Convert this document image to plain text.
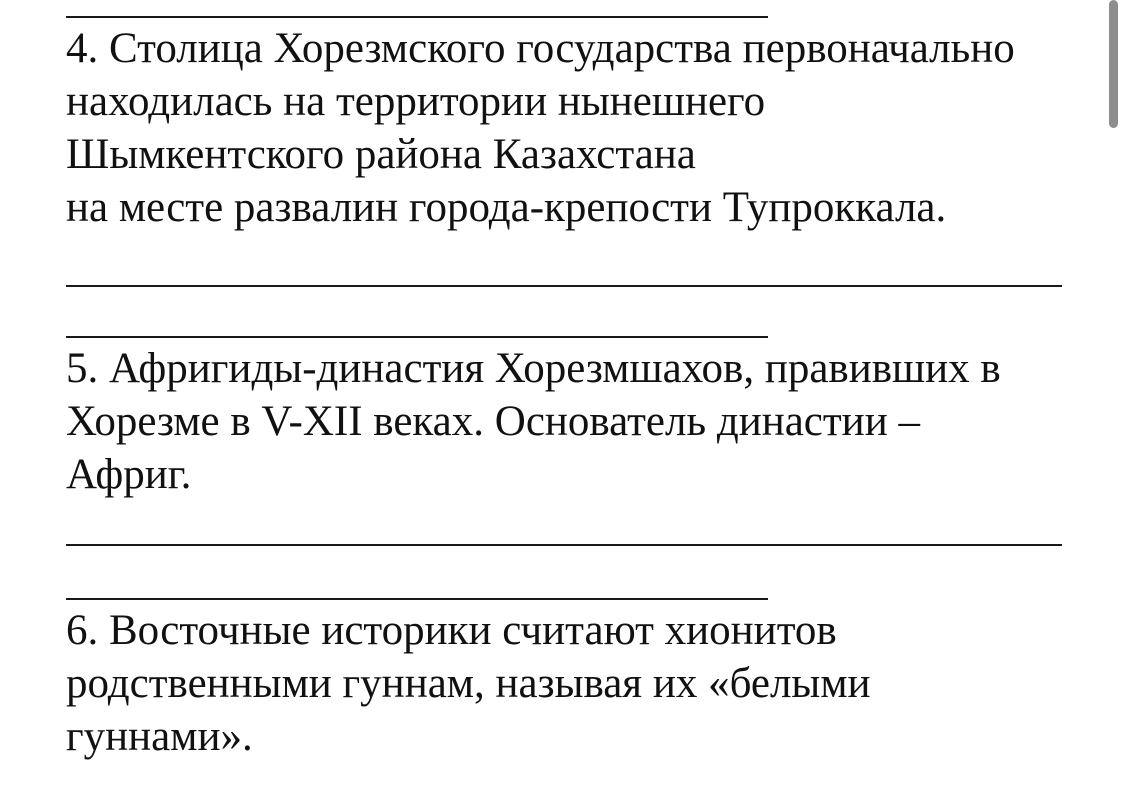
4. Столица Хорезмского государства первоначально
находилась на территории нынешнего
Шымкентского района Казахстана
на месте развалин города-крепости Тупроккала.

5. Афригиды-династия Хорезмшахов, правивших в
Хорезме в V-XII веках. Основатель династии –
Африг.

6. Восточные историки считают хионитов
родственными гуннам, называя их «белыми
гуннами».
